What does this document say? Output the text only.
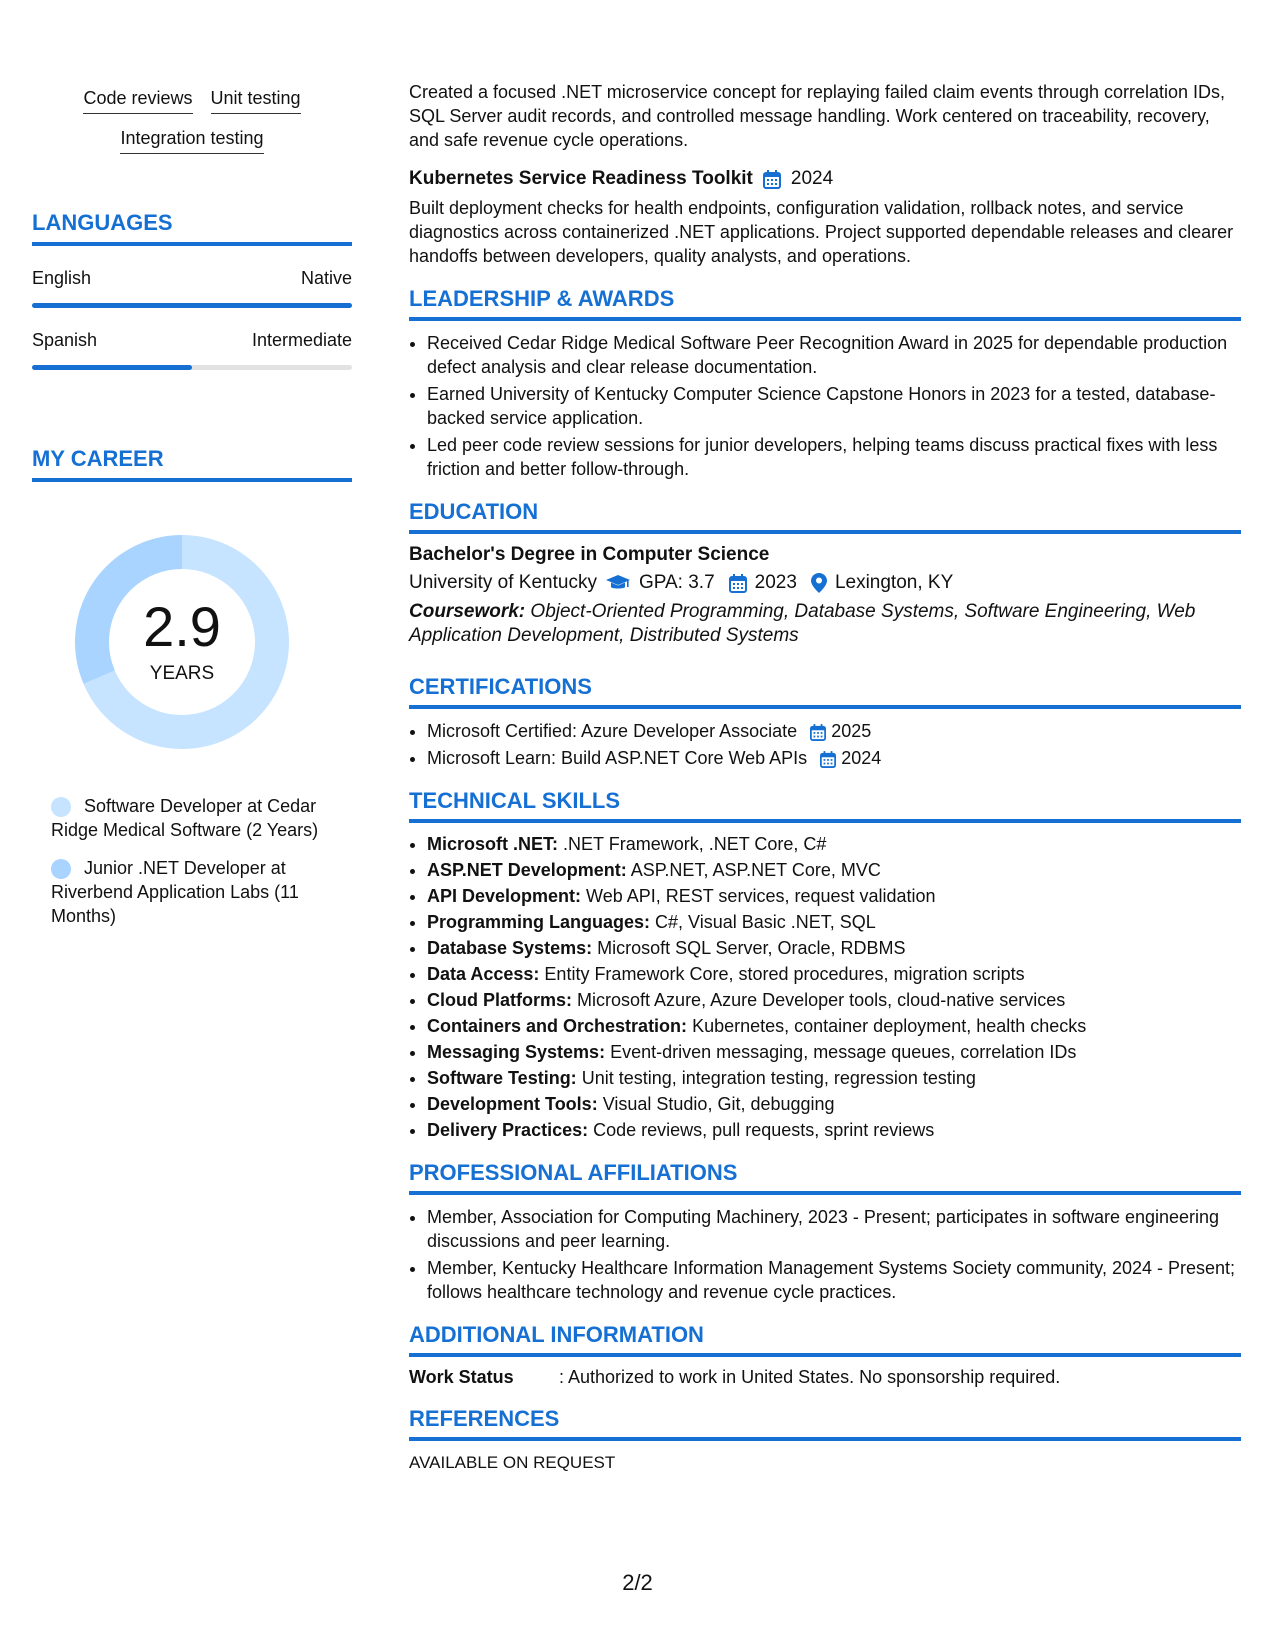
Code reviews Unit testing
Integration testing
LANGUAGES
English	Native
Spanish	Intermediate
MY CAREER
2.9
YEARS
Software Developer at Cedar Ridge Medical Software (2 Years)
Junior .NET Developer at Riverbend Application Labs (11 Months)

Created a focused .NET microservice concept for replaying failed claim events through correlation IDs, SQL Server audit records, and controlled message handling. Work centered on traceability, recovery, and safe revenue cycle operations.

Kubernetes Service Readiness Toolkit 2024

Built deployment checks for health endpoints, configuration validation, rollback notes, and service diagnostics across containerized .NET applications. Project supported dependable releases and clearer handoffs between developers, quality analysts, and operations.

LEADERSHIP & AWARDS
• Received Cedar Ridge Medical Software Peer Recognition Award in 2025 for dependable production defect analysis and clear release documentation.
• Earned University of Kentucky Computer Science Capstone Honors in 2023 for a tested, database-backed service application.
• Led peer code review sessions for junior developers, helping teams discuss practical fixes with less friction and better follow-through.
EDUCATION
Bachelor's Degree in Computer Science
University of Kentucky GPA: 3.7 2023 Lexington, KY
Coursework: Object-Oriented Programming, Database Systems, Software Engineering, Web Application Development, Distributed Systems
CERTIFICATIONS
• Microsoft Certified: Azure Developer Associate 2025
• Microsoft Learn: Build ASP.NET Core Web APIs 2024
TECHNICAL SKILLS
• Microsoft .NET: .NET Framework, .NET Core, C#
• ASP.NET Development: ASP.NET, ASP.NET Core, MVC
• API Development: Web API, REST services, request validation
• Programming Languages: C#, Visual Basic .NET, SQL
• Database Systems: Microsoft SQL Server, Oracle, RDBMS
• Data Access: Entity Framework Core, stored procedures, migration scripts
• Cloud Platforms: Microsoft Azure, Azure Developer tools, cloud-native services
• Containers and Orchestration: Kubernetes, container deployment, health checks
• Messaging Systems: Event-driven messaging, message queues, correlation IDs
• Software Testing: Unit testing, integration testing, regression testing
• Development Tools: Visual Studio, Git, debugging
• Delivery Practices: Code reviews, pull requests, sprint reviews
PROFESSIONAL AFFILIATIONS
• Member, Association for Computing Machinery, 2023 - Present; participates in software engineering discussions and peer learning.
• Member, Kentucky Healthcare Information Management Systems Society community, 2024 - Present; follows healthcare technology and revenue cycle practices.
ADDITIONAL INFORMATION
Work Status	: Authorized to work in United States. No sponsorship required.
REFERENCES
AVAILABLE ON REQUEST
2/2
